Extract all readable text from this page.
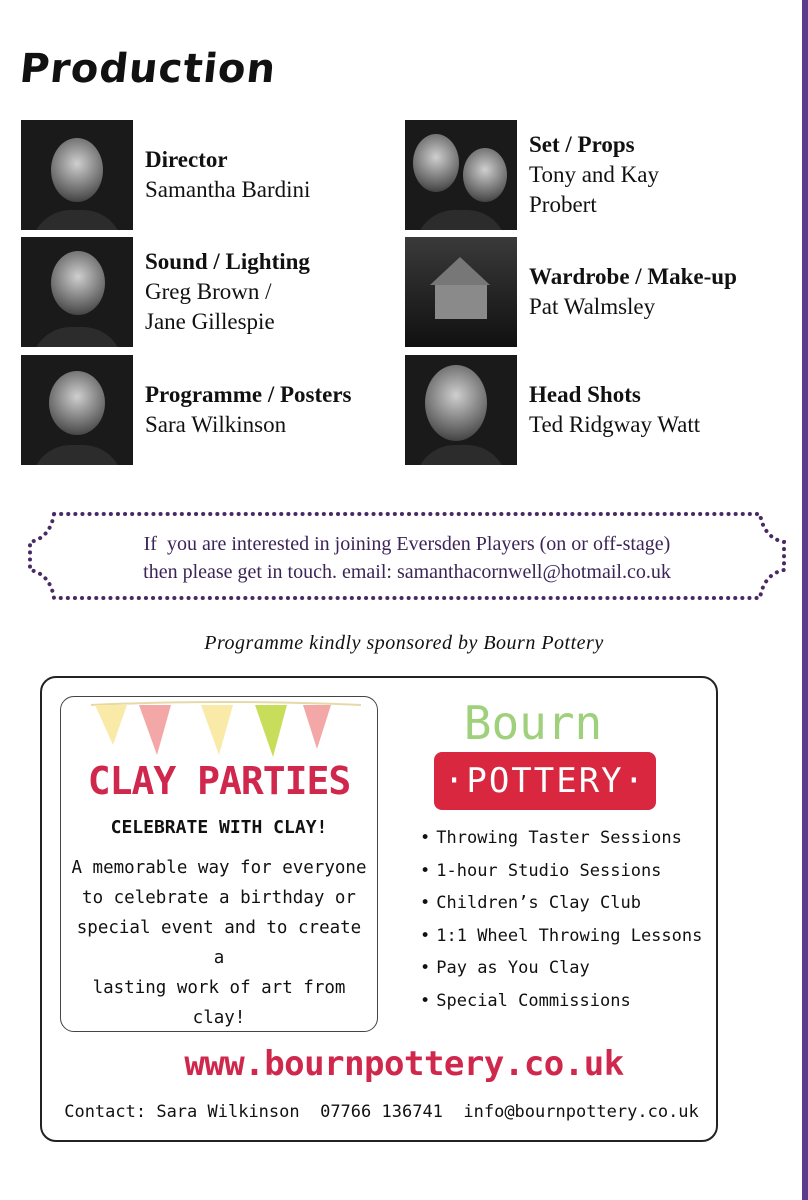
Production
Director
Samantha Bardini
Sound / Lighting
Greg Brown /
Jane Gillespie
Programme / Posters
Sara Wilkinson
Set / Props
Tony and Kay
Probert
Wardrobe / Make-up
Pat Walmsley
Head Shots
Ted Ridgway Watt
If  you are interested in joining Eversden Players (on or off-stage)
then please get in touch. email: samanthacornwell@hotmail.co.uk
Programme kindly sponsored by Bourn Pottery
CLAY PARTIES
CELEBRATE WITH CLAY!
A memorable way for everyone
to celebrate a birthday or
special event and to create a
lasting work of art from clay!
Bourn
·POTTERY·
• Throwing Taster Sessions
• 1-hour Studio Sessions
• Children’s Clay Club
• 1:1 Wheel Throwing Lessons
• Pay as You Clay
• Special Commissions
www.bournpottery.co.uk
Contact: Sara Wilkinson  07766 136741  info@bournpottery.co.uk
